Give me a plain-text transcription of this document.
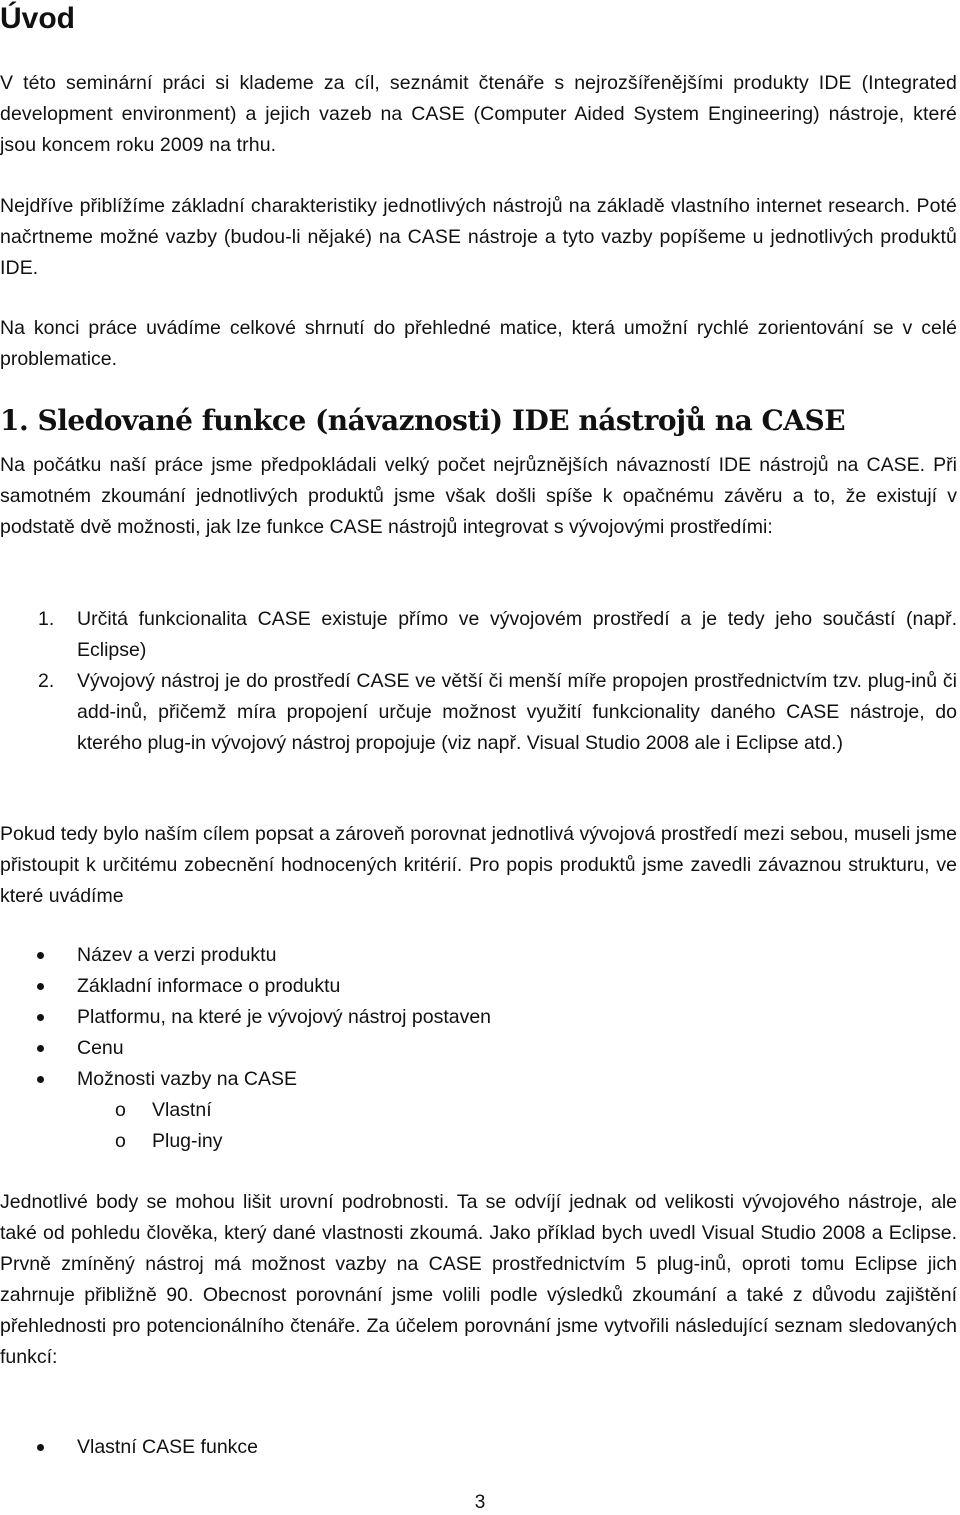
Úvod

V této seminární práci si klademe za cíl, seznámit čtenáře s nejrozšířenějšími produkty IDE (Integrated development environment) a jejich vazeb na CASE (Computer Aided System Engineering) nástroje, které jsou koncem roku 2009 na trhu.

Nejdříve přiblížíme základní charakteristiky jednotlivých nástrojů na základě vlastního internet research. Poté načrtneme možné vazby (budou-li nějaké) na CASE nástroje a tyto vazby popíšeme u jednotlivých produktů IDE.

Na konci práce uvádíme celkové shrnutí do přehledné matice, která umožní rychlé zorientování se v celé problematice.

1. Sledované funkce (návaznosti) IDE nástrojů na CASE

Na počátku naší práce jsme předpokládali velký počet nejrůznějších návazností IDE nástrojů na CASE. Při samotném zkoumání jednotlivých produktů jsme však došli spíše k opačnému závěru a to, že existují v podstatě dvě možnosti, jak lze funkce CASE nástrojů integrovat s vývojovými prostředími:

1. Určitá funkcionalita CASE existuje přímo ve vývojovém prostředí a je tedy jeho součástí (např. Eclipse)
2. Vývojový nástroj je do prostředí CASE ve větší či menší míře propojen prostřednictvím tzv. plug-inů či add-inů, přičemž míra propojení určuje možnost využití funkcionality daného CASE nástroje, do kterého plug-in vývojový nástroj propojuje (viz např. Visual Studio 2008 ale i Eclipse atd.)

Pokud tedy bylo naším cílem popsat a zároveň porovnat jednotlivá vývojová prostředí mezi sebou, museli jsme přistoupit k určitému zobecnění hodnocených kritérií. Pro popis produktů jsme zavedli závaznou strukturu, ve které uvádíme

Název a verzi produktu
Základní informace o produktu
Platformu, na které je vývojový nástroj postaven
Cenu
Možnosti vazby na CASE
o Vlastní
o Plug-iny

Jednotlivé body se mohou lišit urovní podrobnosti. Ta se odvíjí jednak od velikosti vývojového nástroje, ale také od pohledu člověka, který dané vlastnosti zkoumá. Jako příklad bych uvedl Visual Studio 2008 a Eclipse. Prvně zmíněný nástroj má možnost vazby na CASE prostřednictvím 5 plug-inů, oproti tomu Eclipse jich zahrnuje přibližně 90. Obecnost porovnání jsme volili podle výsledků zkoumání a také z důvodu zajištění přehlednosti pro potencionálního čtenáře. Za účelem porovnání jsme vytvořili následující seznam sledovaných funkcí:

Vlastní CASE funkce
3
